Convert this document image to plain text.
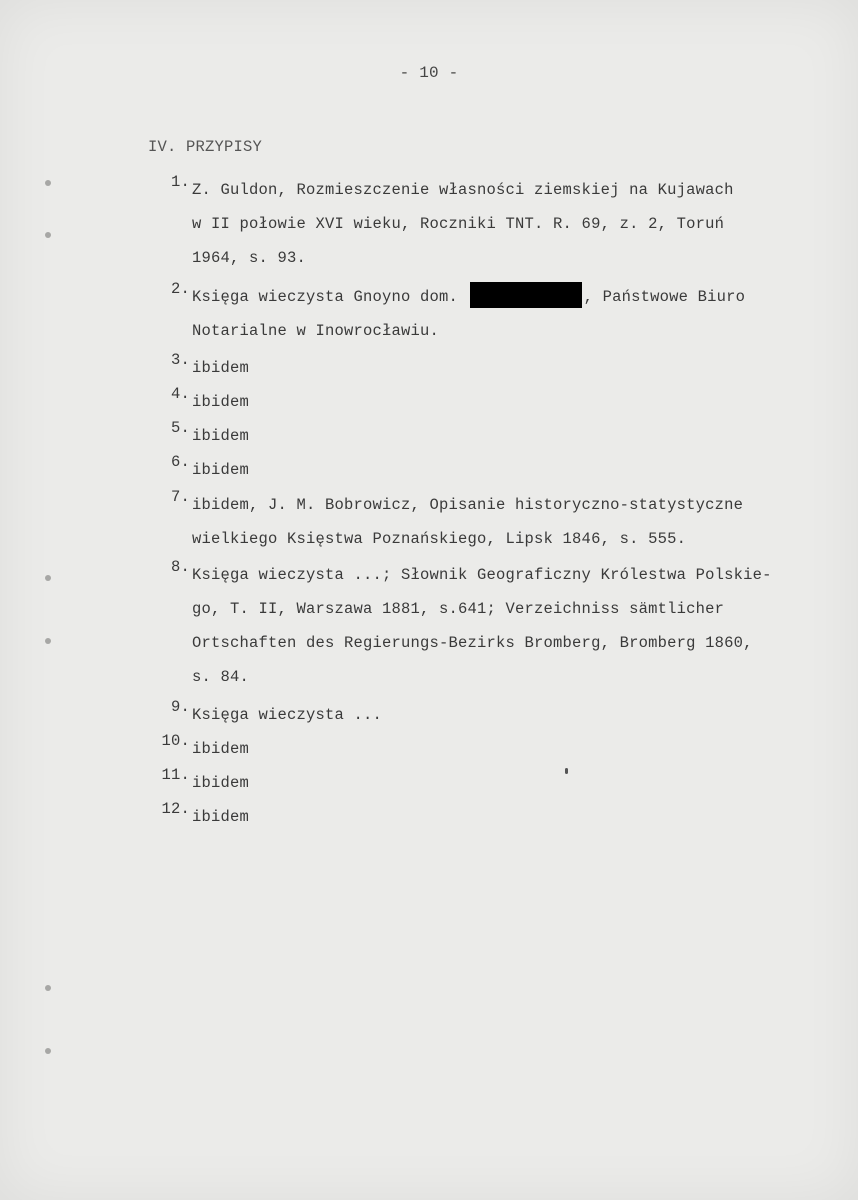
- 10 -
IV. PRZYPISY
1. Z. Guldon, Rozmieszczenie własności ziemskiej na Kujawach
w II połowie XVI wieku, Roczniki TNT. R. 69, z. 2, Toruń
1964, s. 93.
2. Księga wieczysta Gnoyno dom.	, Państwowe Biuro
Notarialne w Inowrocławiu.
3. ibidem
4. ibidem
5. ibidem
6. ibidem
7. ibidem, J. M. Bobrowicz, Opisanie historyczno-statystyczne
wielkiego Księstwa Poznańskiego, Lipsk 1846, s. 555.
8. Księga wieczysta ...; Słownik Geograficzny Królestwa Polskie-
go, T. II, Warszawa 1881, s.641; Verzeichniss sämtlicher
Ortschaften des Regierungs-Bezirks Bromberg, Bromberg 1860,
s. 84.
9. Księga wieczysta ...
10. ibidem
11. ibidem
12. ibidem
